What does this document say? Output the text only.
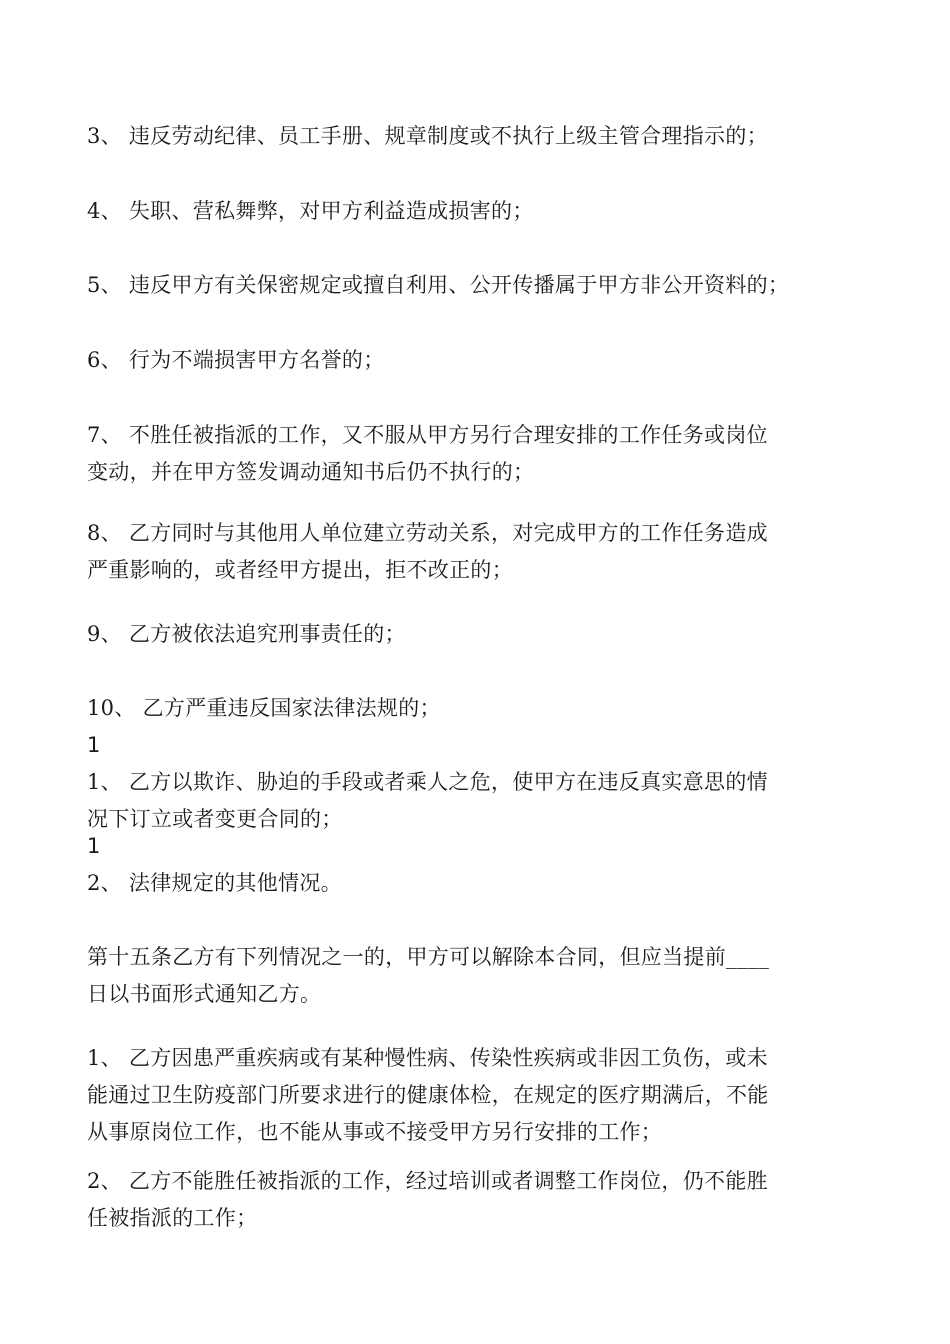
3、 违反劳动纪律、员工手册、规章制度或不执行上级主管合理指示的；

4、 失职、营私舞弊，对甲方利益造成损害的；

5、 违反甲方有关保密规定或擅自利用、公开传播属于甲方非公开资料的；

6、 行为不端损害甲方名誉的；

7、 不胜任被指派的工作，又不服从甲方另行合理安排的工作任务或岗位
变动，并在甲方签发调动通知书后仍不执行的；

8、 乙方同时与其他用人单位建立劳动关系，对完成甲方的工作任务造成
严重影响的，或者经甲方提出，拒不改正的；

9、 乙方被依法追究刑事责任的；

10、 乙方严重违反国家法律法规的；

1

1、 乙方以欺诈、胁迫的手段或者乘人之危，使甲方在违反真实意思的情
况下订立或者变更合同的；

1

2、 法律规定的其他情况。

第十五条乙方有下列情况之一的，甲方可以解除本合同，但应当提前____
日以书面形式通知乙方。

1、 乙方因患严重疾病或有某种慢性病、传染性疾病或非因工负伤，或未
能通过卫生防疫部门所要求进行的健康体检，在规定的医疗期满后，不能
从事原岗位工作，也不能从事或不接受甲方另行安排的工作；

2、 乙方不能胜任被指派的工作，经过培训或者调整工作岗位，仍不能胜
任被指派的工作；
